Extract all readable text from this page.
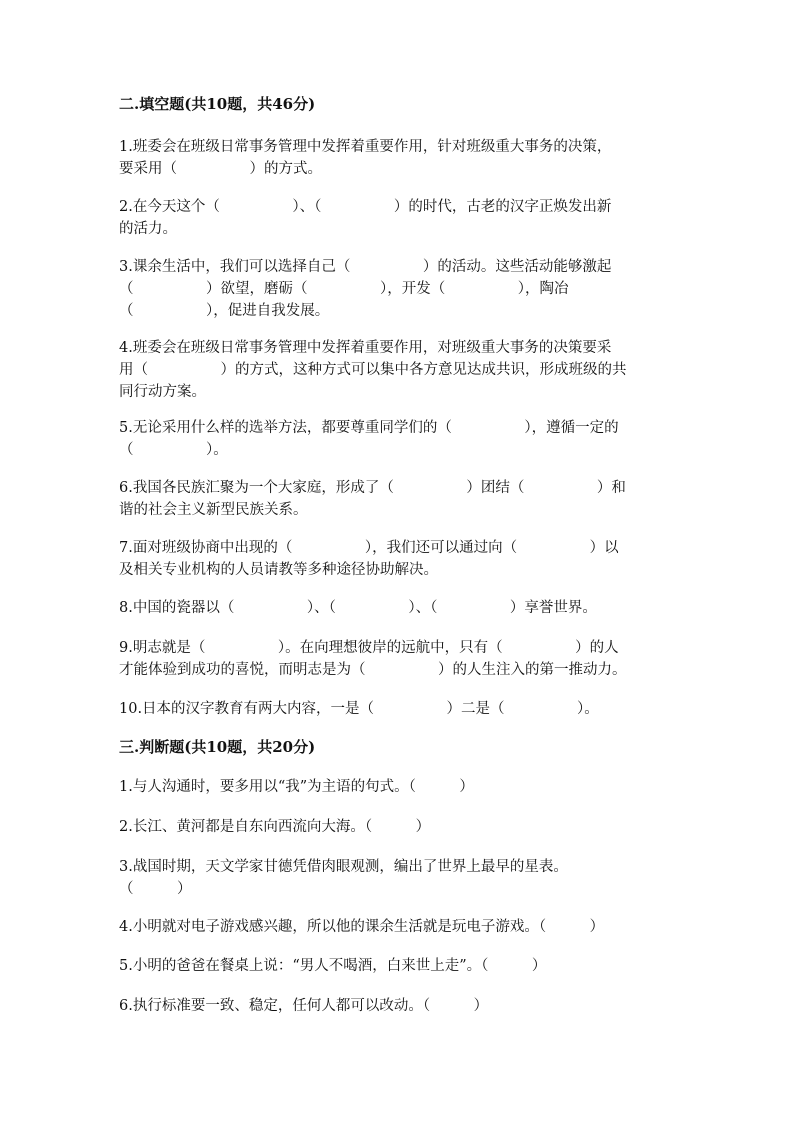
二.填空题(共10题，共46分)
1.班委会在班级日常事务管理中发挥着重要作用，针对班级重大事务的决策，
要采用（　　　　　）的方式。
2.在今天这个（　　　　　）、（　　　　　）的时代，古老的汉字正焕发出新
的活力。
3.课余生活中，我们可以选择自己（　　　　　）的活动。这些活动能够激起
（　　　　　）欲望，磨砺（　　　　　），开发（　　　　　），陶冶
（　　　　　），促进自我发展。
4.班委会在班级日常事务管理中发挥着重要作用，对班级重大事务的决策要采
用（　　　　　）的方式，这种方式可以集中各方意见达成共识，形成班级的共
同行动方案。
5.无论采用什么样的选举方法，都要尊重同学们的（　　　　　），遵循一定的
（　　　　　）。
6.我国各民族汇聚为一个大家庭，形成了（　　　　　）团结（　　　　　）和
谐的社会主义新型民族关系。
7.面对班级协商中出现的（　　　　　），我们还可以通过向（　　　　　）以
及相关专业机构的人员请教等多种途径协助解决。
8.中国的瓷器以（　　　　　）、（　　　　　）、（　　　　　）享誉世界。
9.明志就是（　　　　　）。在向理想彼岸的远航中，只有（　　　　　）的人
才能体验到成功的喜悦，而明志是为（　　　　　）的人生注入的第一推动力。
10.日本的汉字教育有两大内容，一是（　　　　　）二是（　　　　　）。
三.判断题(共10题，共20分)
1.与人沟通时，要多用以“我”为主语的句式。（　　　）
2.长江、黄河都是自东向西流向大海。（　　　）
3.战国时期，天文学家甘德凭借肉眼观测，编出了世界上最早的星表。
（　　　）
4.小明就对电子游戏感兴趣，所以他的课余生活就是玩电子游戏。（　　　）
5.小明的爸爸在餐桌上说：“男人不喝酒，白来世上走”。（　　　）
6.执行标准要一致、稳定，任何人都可以改动。（　　　）
